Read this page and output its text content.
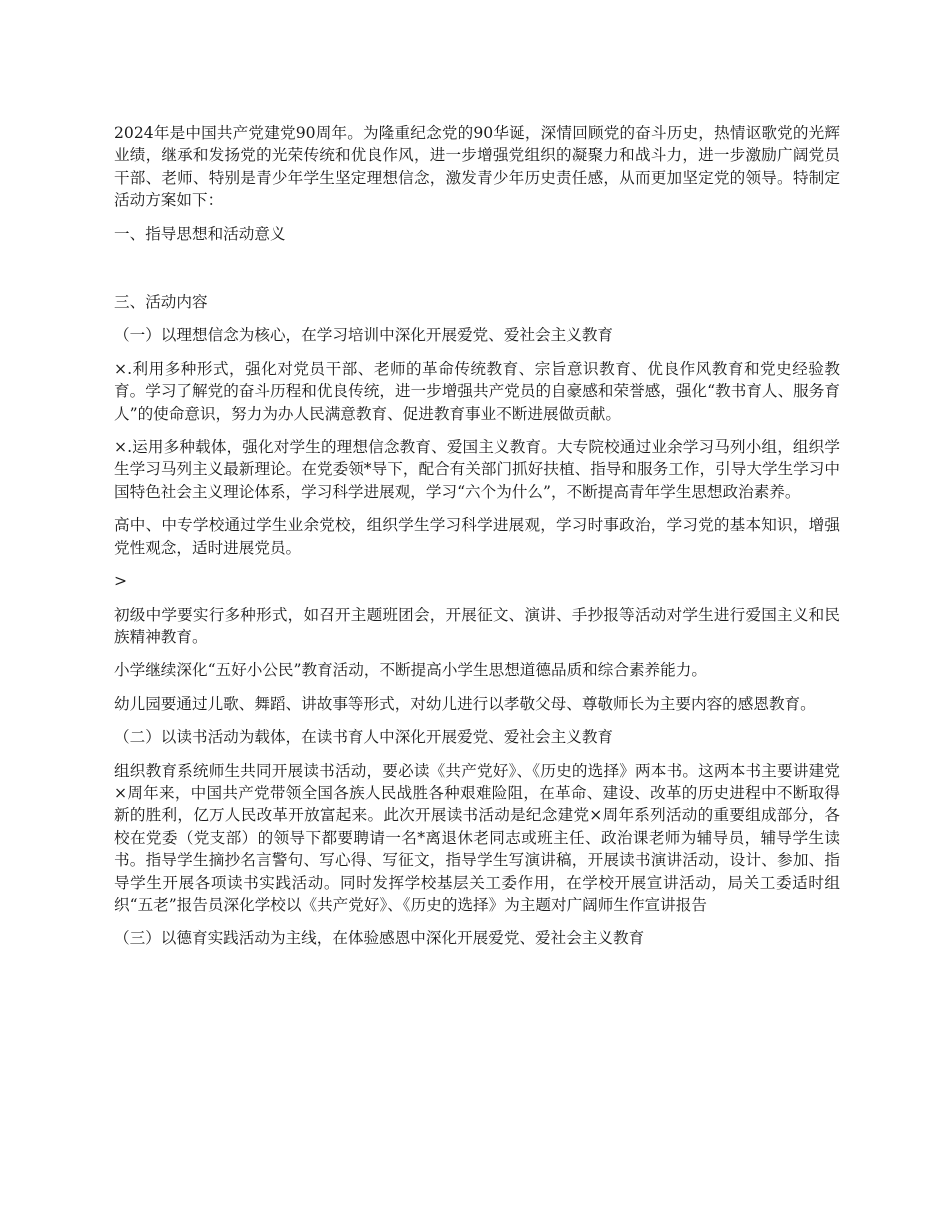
2024年是中国共产党建党90周年。为隆重纪念党的90华诞，深情回顾党的奋斗历史，热情讴歌党的光辉业绩，继承和发扬党的光荣传统和优良作风，进一步增强党组织的凝聚力和战斗力，进一步激励广阔党员干部、老师、特别是青少年学生坚定理想信念，激发青少年历史责任感，从而更加坚定党的领导。特制定活动方案如下：

一、指导思想和活动意义

三、活动内容

（一）以理想信念为核心，在学习培训中深化开展爱党、爱社会主义教育

×.利用多种形式，强化对党员干部、老师的革命传统教育、宗旨意识教育、优良作风教育和党史经验教育。学习了解党的奋斗历程和优良传统，进一步增强共产党员的自豪感和荣誉感，强化“教书育人、服务育人”的使命意识，努力为办人民满意教育、促进教育事业不断进展做贡献。

×.运用多种载体，强化对学生的理想信念教育、爱国主义教育。大专院校通过业余学习马列小组，组织学生学习马列主义最新理论。在党委领*导下，配合有关部门抓好扶植、指导和服务工作，引导大学生学习中国特色社会主义理论体系，学习科学进展观，学习“六个为什么”，不断提高青年学生思想政治素养。

高中、中专学校通过学生业余党校，组织学生学习科学进展观，学习时事政治，学习党的基本知识，增强党性观念，适时进展党员。

>

初级中学要实行多种形式，如召开主题班团会，开展征文、演讲、手抄报等活动对学生进行爱国主义和民族精神教育。

小学继续深化“五好小公民”教育活动，不断提高小学生思想道德品质和综合素养能力。

幼儿园要通过儿歌、舞蹈、讲故事等形式，对幼儿进行以孝敬父母、尊敬师长为主要内容的感恩教育。

（二）以读书活动为载体，在读书育人中深化开展爱党、爱社会主义教育

组织教育系统师生共同开展读书活动，要必读《共产党好》、《历史的选择》两本书。这两本书主要讲建党×周年来，中国共产党带领全国各族人民战胜各种艰难险阻，在革命、建设、改革的历史进程中不断取得新的胜利，亿万人民改革开放富起来。此次开展读书活动是纪念建党×周年系列活动的重要组成部分，各校在党委（党支部）的领导下都要聘请一名*离退休老同志或班主任、政治课老师为辅导员，辅导学生读书。指导学生摘抄名言警句、写心得、写征文，指导学生写演讲稿，开展读书演讲活动，设计、参加、指导学生开展各项读书实践活动。同时发挥学校基层关工委作用，在学校开展宣讲活动，局关工委适时组织“五老”报告员深化学校以《共产党好》、《历史的选择》为主题对广阔师生作宣讲报告

（三）以德育实践活动为主线，在体验感恩中深化开展爱党、爱社会主义教育
